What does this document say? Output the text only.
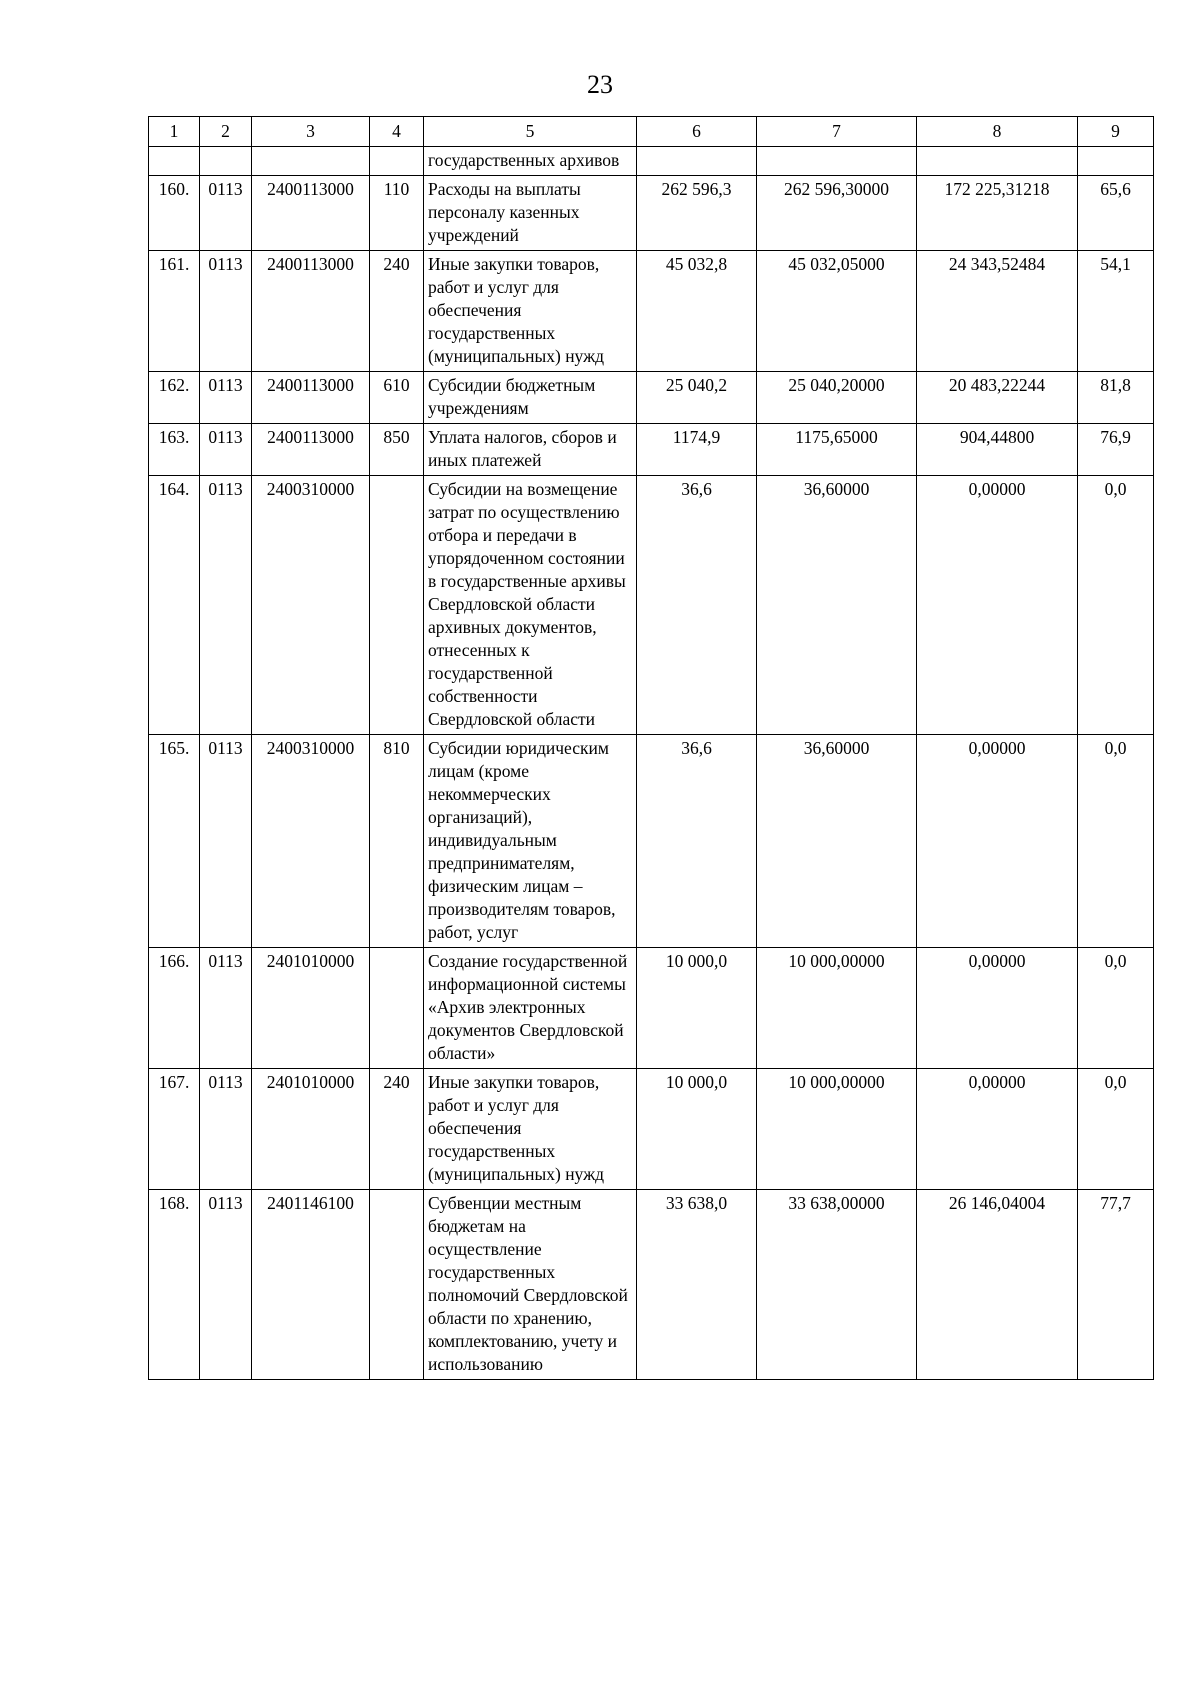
23
1	2	3	4	5	6	7	8	9
				государственных архивов				
160.	0113	2400113000	110	Расходы на выплаты персоналу казенных учреждений	262 596,3	262 596,30000	172 225,31218	65,6
161.	0113	2400113000	240	Иные закупки товаров, работ и услуг для обеспечения государственных (муниципальных) нужд	45 032,8	45 032,05000	24 343,52484	54,1
162.	0113	2400113000	610	Субсидии бюджетным учреждениям	25 040,2	25 040,20000	20 483,22244	81,8
163.	0113	2400113000	850	Уплата налогов, сборов и иных платежей	1174,9	1175,65000	904,44800	76,9
164.	0113	2400310000		Субсидии на возмещение затрат по осуществлению отбора и передачи в упорядоченном состоянии в государственные архивы Свердловской области архивных документов, отнесенных к государственной собственности Свердловской области	36,6	36,60000	0,00000	0,0
165.	0113	2400310000	810	Субсидии юридическим лицам (кроме некоммерческих организаций), индивидуальным предпринимателям, физическим лицам – производителям товаров, работ, услуг	36,6	36,60000	0,00000	0,0
166.	0113	2401010000		Создание государственной информационной системы «Архив электронных документов Свердловской области»	10 000,0	10 000,00000	0,00000	0,0
167.	0113	2401010000	240	Иные закупки товаров, работ и услуг для обеспечения государственных (муниципальных) нужд	10 000,0	10 000,00000	0,00000	0,0
168.	0113	2401146100		Субвенции местным бюджетам на осуществление государственных полномочий Свердловской области по хранению, комплектованию, учету и использованию	33 638,0	33 638,00000	26 146,04004	77,7
